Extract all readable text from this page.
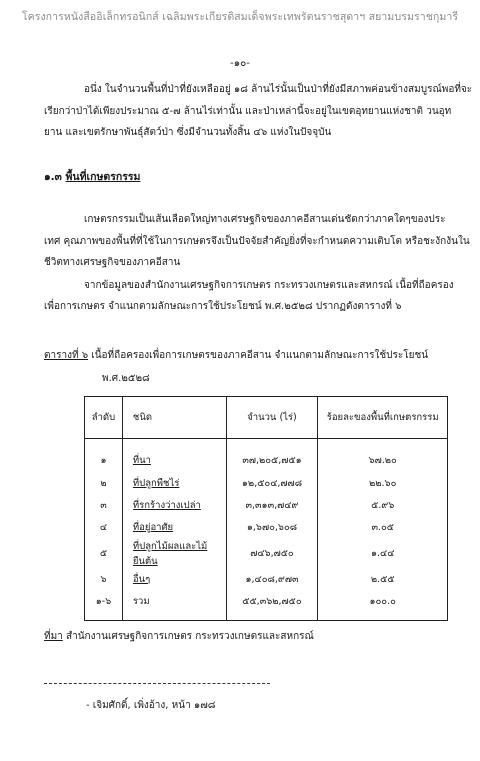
โครงการหนังสืออิเล็กทรอนิกส์ เฉลิมพระเกียรติสมเด็จพระเทพรัตนราชสุดาฯ สยามบรมราชกุมารี
-๑๐-
อนึ่ง ในจำนวนพื้นที่ป่าที่ยังเหลืออยู่ ๑๘ ล้านไร่นั้นเป็นป่าที่ยังมีสภาพค่อนข้างสมบูรณ์พอที่จะ
เรียกว่าป่าได้เพียงประมาณ ๕-๗ ล้านไร่เท่านั้น และป่าเหล่านี้จะอยู่ในเขตอุทยานแห่งชาติ วนอุท
ยาน และเขตรักษาพันธุ์สัตว์ป่า ซึ่งมีจำนวนทั้งสิ้น ๔๖ แห่งในปัจจุบัน
๑.๓ พื้นที่เกษตรกรรม
เกษตรกรรมเป็นเส้นเลือดใหญ่ทางเศรษฐกิจของภาคอีสานเด่นชัดกว่าภาคใดๆของประ
เทศ คุณภาพของพื้นที่ที่ใช้ในการเกษตรจึงเป็นปัจจัยสำคัญยิ่งที่จะกำหนดความเติบโต หรือชะงักงันใน
ชีวิตทางเศรษฐกิจของภาคอีสาน
จากข้อมูลของสำนักงานเศรษฐกิจการเกษตร กระทรวงเกษตรและสหกรณ์ เนื้อที่ถือครอง
เพื่อการเกษตร จำแนกตามลักษณะการใช้ประโยชน์ พ.ศ.๒๕๒๘ ปรากฏดังตารางที่ ๖
ตารางที่ ๖ เนื้อที่ถือครองเพื่อการเกษตรของภาคอีสาน จำแนกตามลักษณะการใช้ประโยชน์
พ.ศ.๒๕๒๘
ลำดับ	ชนิด	จำนวน (ไร่)	ร้อยละของพื้นที่เกษตรกรรม
๑	ที่นา	๓๗,๒๐๕,๗๕๑	๖๗.๒๐
๒	ที่ปลูกพืชไร่	๑๒,๕๐๔,๗๗๘	๒๒.๖๐
๓	ที่รกร้างว่างเปล่า	๓,๓๑๓,๗๔๙	๕.๙๖
๔	ที่อยู่อาศัย	๑,๖๗๐,๖๐๘	๓.๐๕
๕	ที่ปลูกไม้ผลและไม้ยืนต้น	๗๔๖,๗๕๐	๑.๔๔
๖	อื่นๆ	๑,๔๐๘,๙๗๓	๒.๕๕
๑-๖	รวม	๕๕,๓๖๒,๗๕๐	๑๐๐.๐
ที่มา สำนักงานเศรษฐกิจการเกษตร กระทรวงเกษตรและสหกรณ์
- เจิมศักดิ์, เพิ่งอ้าง, หน้า ๑๗๘
